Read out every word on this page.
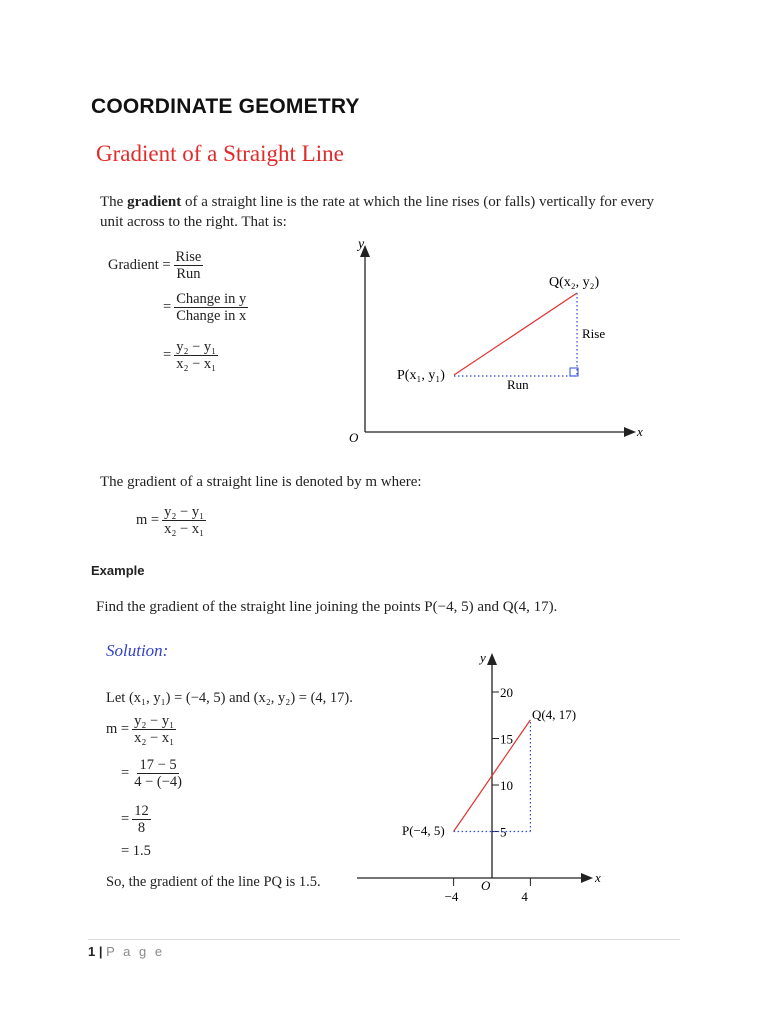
COORDINATE GEOMETRY
Gradient of a Straight Line
The gradient of a straight line is the rate at which the line rises (or falls) vertically for every unit across to the right. That is:
Gradient = $\frac{\text{Rise}}{\text{Run}}$
= $\frac{\text{Change in y}}{\text{Change in x}}$
= $\frac{\text{y₂ − y₁}}{\text{x₂ − x₁}}$
y
x
O
P(x₁, y₁)
Q(x₂, y₂)
Rise
Run
The gradient of a straight line is denoted by m where:
$m = \frac{\text{y₂ − y₁}}{\text{x₂ − x₁}}$
Example
Find the gradient of the straight line joining the points P(−4, 5) and Q(4, 17).
Solution:
Let (x₁, y₁) = (−4, 5) and (x₂, y₂) = (4, 17).
$m = \frac{\text{y₂ − y₁}}{\text{x₂ − x₁}}$
= $\frac{17 - 5}{4 - (-4)}$
= $\frac{12}{8}$
= 1.5
So, the gradient of the line PQ is 1.5.
y
x
O
20
15
10
5
−4	4
P(−4, 5)
Q(4, 17)
1 | P a g e
